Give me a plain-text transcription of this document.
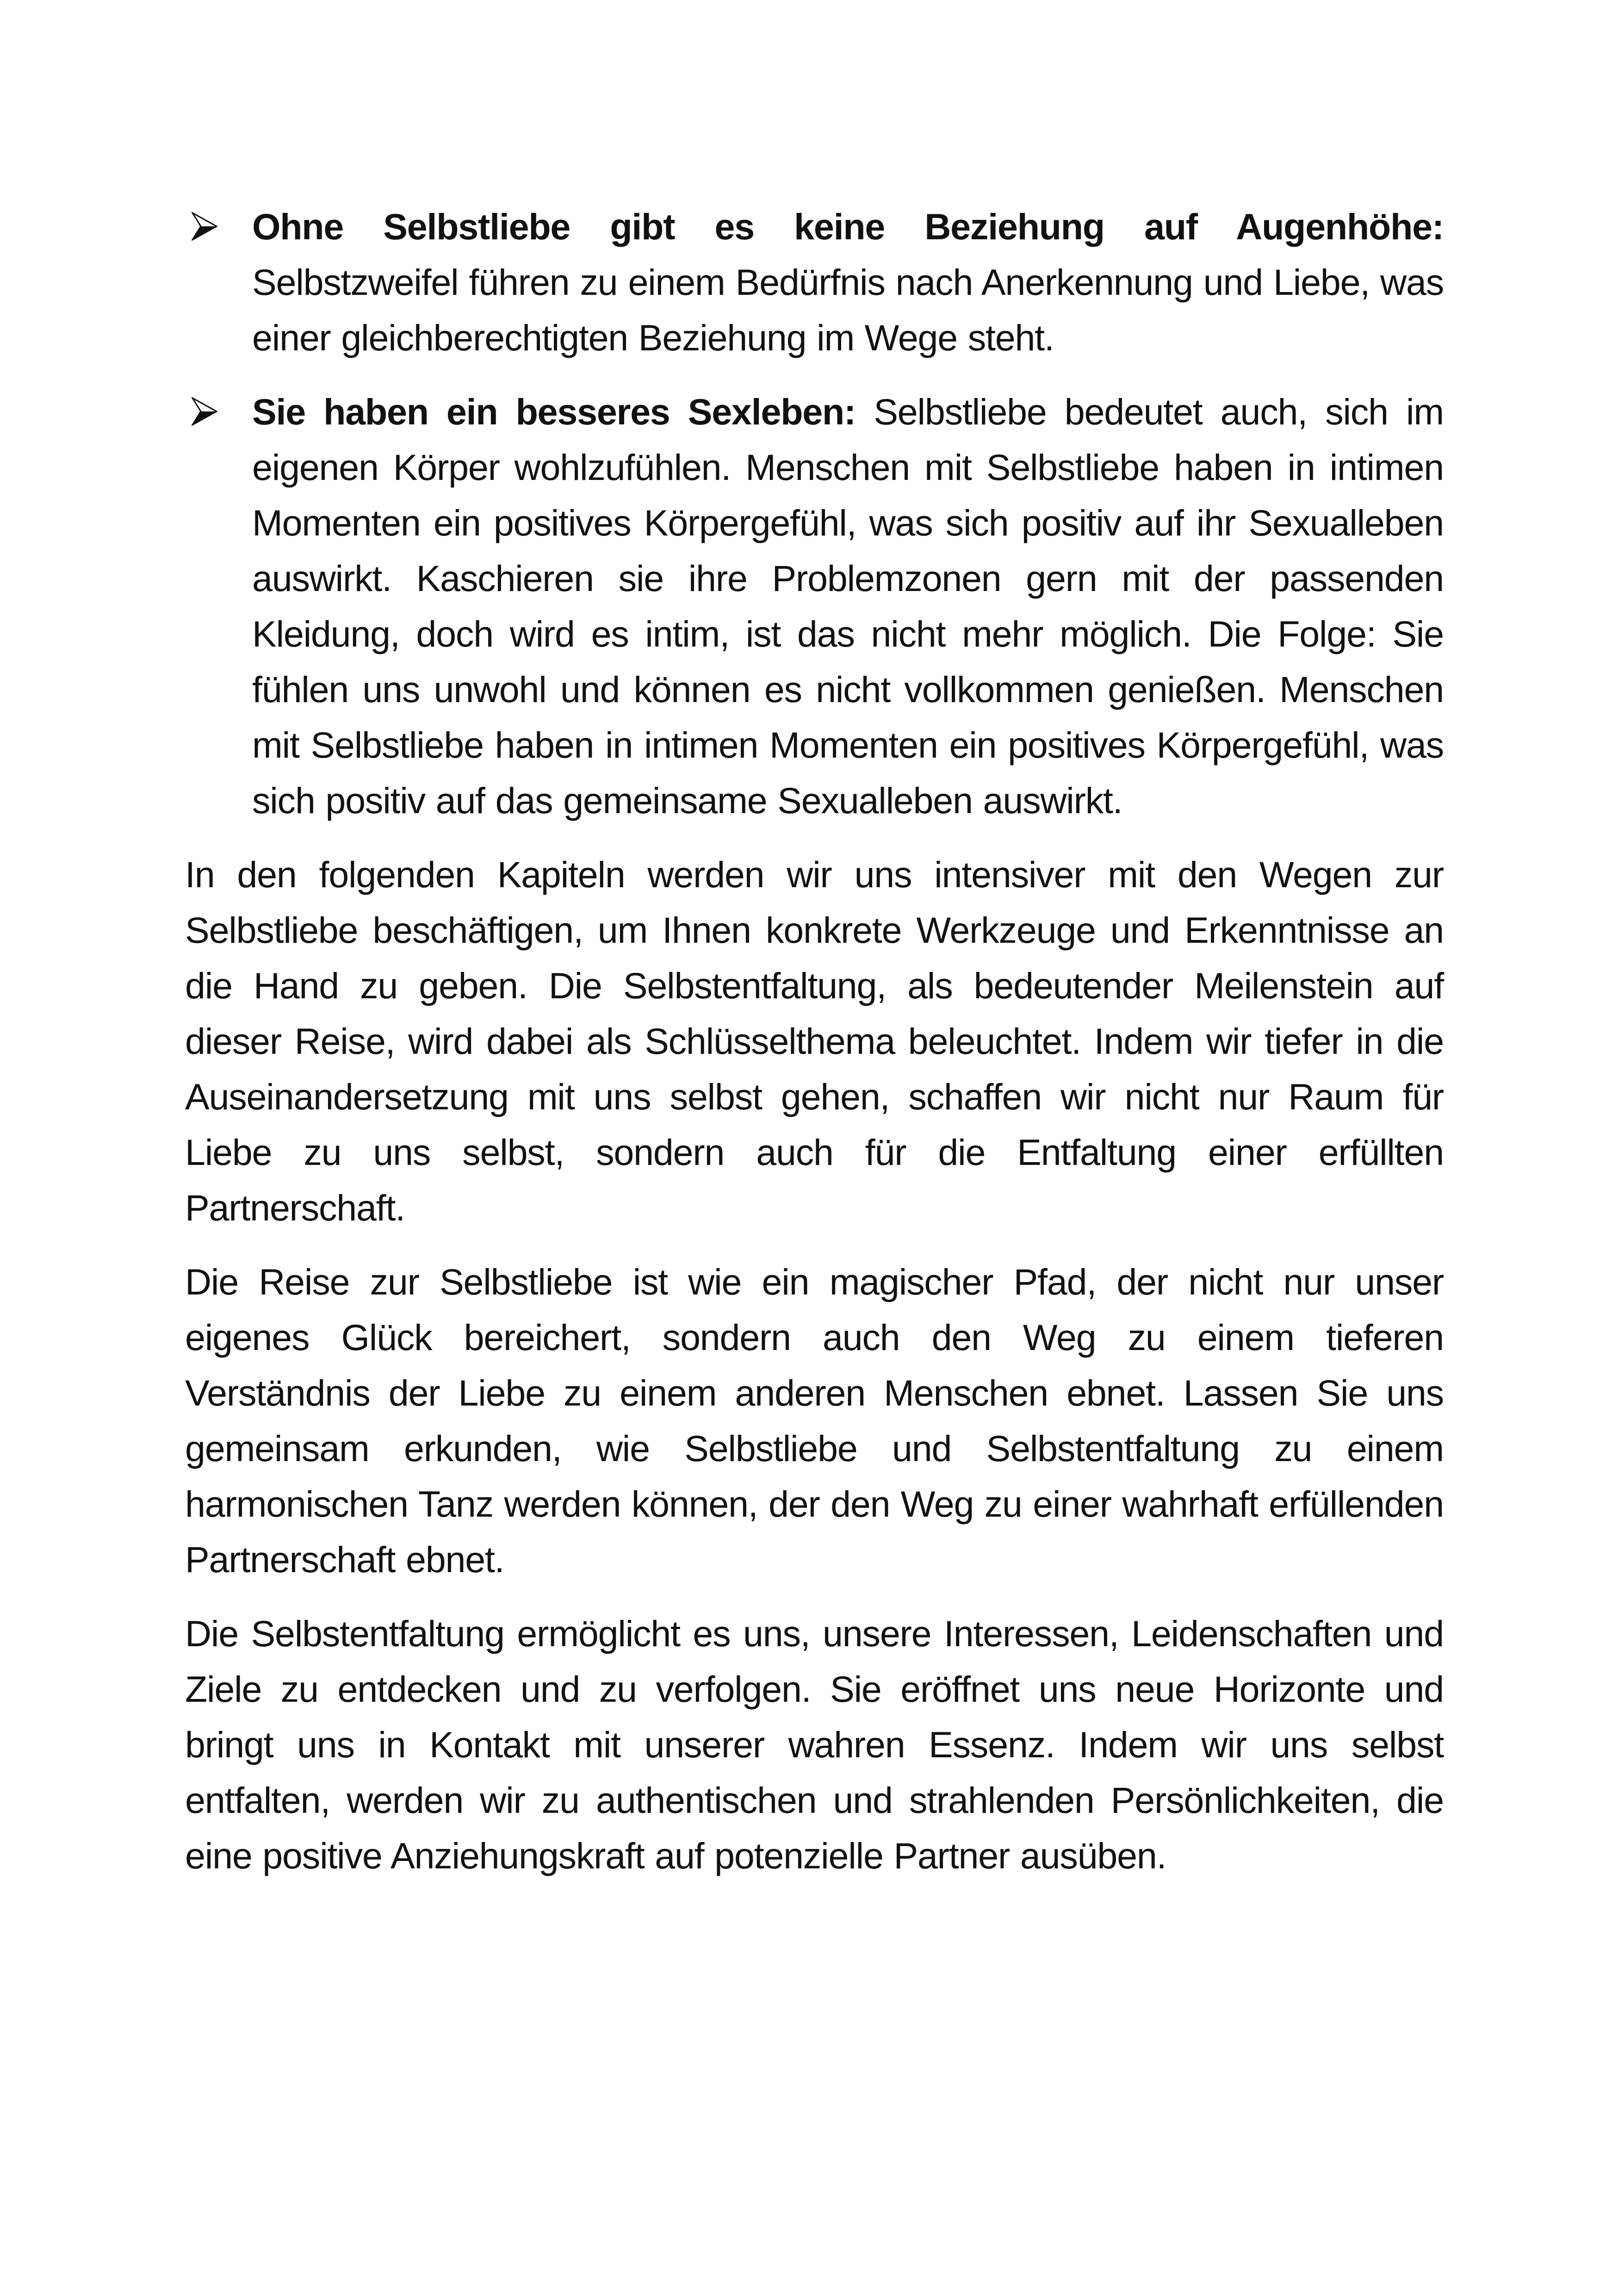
Ohne Selbstliebe gibt es keine Beziehung auf Augenhöhe: Selbstzweifel führen zu einem Bedürfnis nach Anerkennung und Liebe, was einer gleichberechtigten Beziehung im Wege steht.
Sie haben ein besseres Sexleben: Selbstliebe bedeutet auch, sich im eigenen Körper wohlzufühlen. Menschen mit Selbstliebe haben in intimen Momenten ein positives Körpergefühl, was sich positiv auf ihr Sexualleben auswirkt. Kaschieren sie ihre Problemzonen gern mit der passenden Kleidung, doch wird es intim, ist das nicht mehr möglich. Die Folge: Sie fühlen uns unwohl und können es nicht vollkommen genießen. Menschen mit Selbstliebe haben in intimen Momenten ein positives Körpergefühl, was sich positiv auf das gemeinsame Sexualleben auswirkt.

In den folgenden Kapiteln werden wir uns intensiver mit den Wegen zur Selbstliebe beschäftigen, um Ihnen konkrete Werkzeuge und Erkenntnisse an die Hand zu geben. Die Selbstentfaltung, als bedeutender Meilenstein auf dieser Reise, wird dabei als Schlüsselthema beleuchtet. Indem wir tiefer in die Auseinandersetzung mit uns selbst gehen, schaffen wir nicht nur Raum für Liebe zu uns selbst, sondern auch für die Entfaltung einer erfüllten Partnerschaft.

Die Reise zur Selbstliebe ist wie ein magischer Pfad, der nicht nur unser eigenes Glück bereichert, sondern auch den Weg zu einem tieferen Verständnis der Liebe zu einem anderen Menschen ebnet. Lassen Sie uns gemeinsam erkunden, wie Selbstliebe und Selbstentfaltung zu einem harmonischen Tanz werden können, der den Weg zu einer wahrhaft erfüllenden Partnerschaft ebnet.

Die Selbstentfaltung ermöglicht es uns, unsere Interessen, Leidenschaften und Ziele zu entdecken und zu verfolgen. Sie eröffnet uns neue Horizonte und bringt uns in Kontakt mit unserer wahren Essenz. Indem wir uns selbst entfalten, werden wir zu authentischen und strahlenden Persönlichkeiten, die eine positive Anziehungskraft auf potenzielle Partner ausüben.
